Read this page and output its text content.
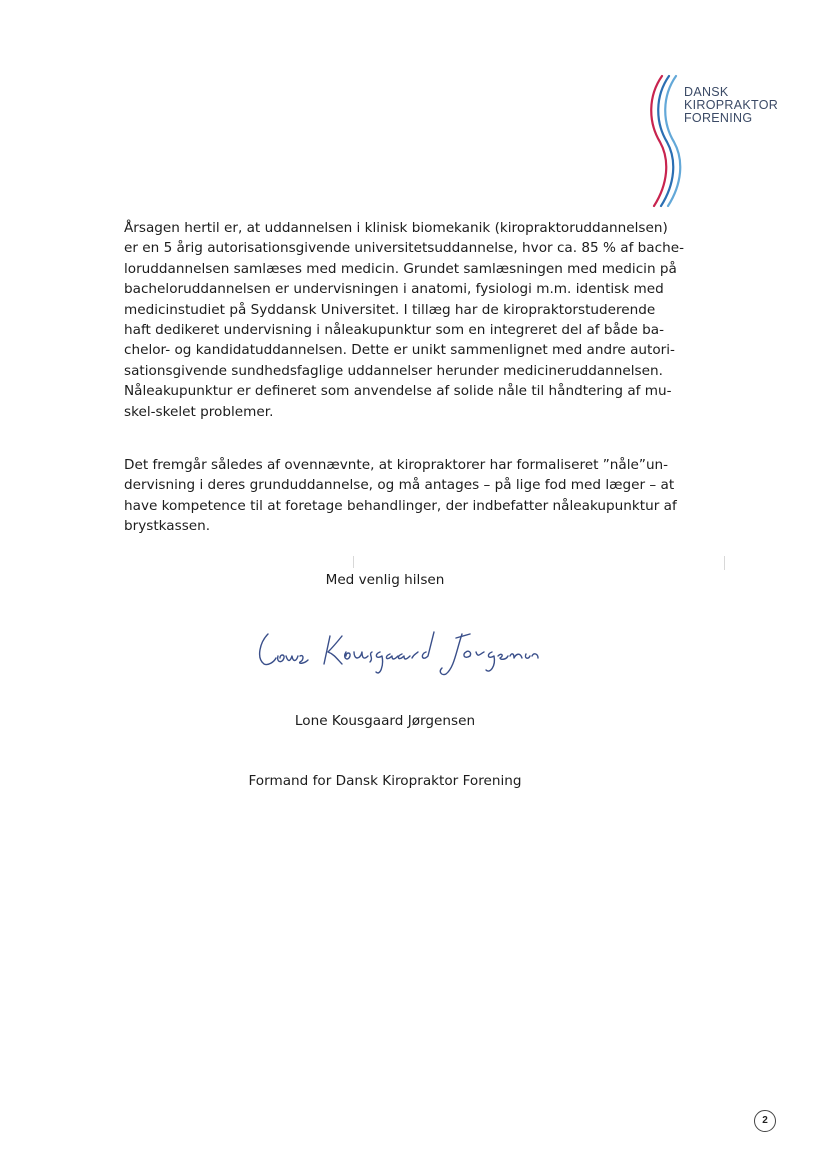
DANSK
KIROPRAKTOR
FORENING

Årsagen hertil er, at uddannelsen i klinisk biomekanik (kiropraktoruddannelsen)
er en 5 årig autorisationsgivende universitetsuddannelse, hvor ca. 85 % af bache-
loruddannelsen samlæses med medicin. Grundet samlæsningen med medicin på
bacheloruddannelsen er undervisningen i anatomi, fysiologi m.m. identisk med
medicinstudiet på Syddansk Universitet. I tillæg har de kiropraktorstuderende
haft dedikeret undervisning i nåleakupunktur som en integreret del af både ba-
chelor- og kandidatuddannelsen. Dette er unikt sammenlignet med andre autori-
sationsgivende sundhedsfaglige uddannelser herunder medicineruddannelsen.
Nåleakupunktur er defineret som anvendelse af solide nåle til håndtering af mu-
skel-skelet problemer.

Det fremgår således af ovennævnte, at kiropraktorer har formaliseret ”nåle”un-
dervisning i deres grunduddannelse, og må antages – på lige fod med læger – at
have kompetence til at foretage behandlinger, der indbefatter nåleakupunktur af
brystkassen.

Med venlig hilsen
Lone Kousgaard Jørgensen
Formand for Dansk Kiropraktor Forening
2
